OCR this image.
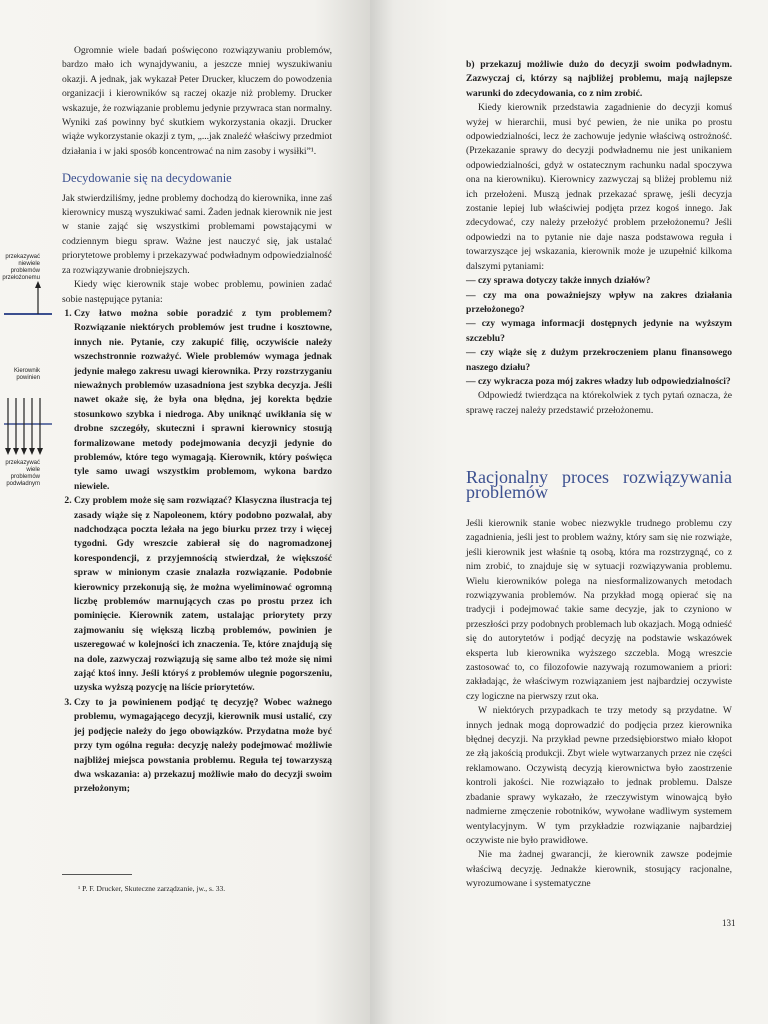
Ogromnie wiele badań poświęcono rozwiązywaniu problemów, bardzo mało ich wynajdywaniu, a jeszcze mniej wyszukiwaniu okazji. A jednak, jak wykazał Peter Drucker, kluczem do powodzenia organizacji i kierowników są raczej okazje niż problemy. Drucker wskazuje, że rozwiązanie problemu jedynie przywraca stan normalny. Wyniki zaś powinny być skutkiem wykorzystania okazji. Drucker wiąże wykorzystanie okazji z tym, „...jak znaleźć właściwy przedmiot działania i w jaki sposób koncentrować na nim zasoby i wysiłki”¹.

Decydowanie się na decydowanie

Jak stwierdziliśmy, jedne problemy dochodzą do kierownika, inne zaś kierownicy muszą wyszukiwać sami. Żaden jednak kierownik nie jest w stanie zająć się wszystkimi problemami powstającymi w codziennym biegu spraw. Ważne jest nauczyć się, jak ustalać priorytetowe problemy i przekazywać podwładnym odpowiedzialność za rozwiązywanie drobniejszych.

Kiedy więc kierownik staje wobec problemu, powinien zadać sobie następujące pytania:

1. Czy łatwo można sobie poradzić z tym problemem? Rozwiązanie niektórych problemów jest trudne i kosztowne, innych nie. Pytanie, czy zakupić filię, oczywiście należy wszechstronnie rozważyć. Wiele problemów wymaga jednak jedynie małego zakresu uwagi kierownika. Przy rozstrzyganiu nieważnych problemów uzasadniona jest szybka decyzja. Jeśli nawet okaże się, że była ona błędna, jej korekta będzie stosunkowo szybka i niedroga. Aby uniknąć uwikłania się w drobne szczegóły, skuteczni i sprawni kierownicy stosują formalizowane metody podejmowania decyzji jedynie do problemów, które tego wymagają. Kierownik, który poświęca tyle samo uwagi wszystkim problemom, wykona bardzo niewiele.
2. Czy problem może się sam rozwiązać? Klasyczna ilustracja tej zasady wiąże się z Napoleonem, który podobno pozwalał, aby nadchodząca poczta leżała na jego biurku przez trzy i więcej tygodni. Gdy wreszcie zabierał się do nagromadzonej korespondencji, z przyjemnością stwierdzał, że większość spraw w minionym czasie znalazła rozwiązanie. Podobnie kierownicy przekonują się, że można wyeliminować ogromną liczbę problemów marnujących czas po prostu przez ich pominięcie. Kierownik zatem, ustalając priorytety przy zajmowaniu się większą liczbą problemów, powinien je uszeregować w kolejności ich znaczenia. Te, które znajdują się na dole, zazwyczaj rozwiązują się same albo też może się nimi zająć ktoś inny. Jeśli któryś z problemów ulegnie pogorszeniu, uzyska wyższą pozycję na liście priorytetów.
3. Czy to ja powinienem podjąć tę decyzję? Wobec ważnego problemu, wymagającego decyzji, kierownik musi ustalić, czy jej podjęcie należy do jego obowiązków. Przydatna może być przy tym ogólna reguła: decyzję należy podejmować możliwie najbliżej miejsca powstania problemu. Reguła tej towarzyszą dwa wskazania: a) przekazuj możliwie mało do decyzji swoim przełożonym;
przekazywać niewiele problemów przełożonemu
Kierownik powinien
przekazywać wiele problemów podwładnym
¹ P. F. Drucker, Skuteczne zarządzanie, jw., s. 33.

b) przekazuj możliwie dużo do decyzji swoim podwładnym. Zazwyczaj ci, którzy są najbliżej problemu, mają najlepsze warunki do zdecydowania, co z nim zrobić.

Kiedy kierownik przedstawia zagadnienie do decyzji komuś wyżej w hierarchii, musi być pewien, że nie unika po prostu odpowiedzialności, lecz że zachowuje jedynie właściwą ostrożność. (Przekazanie sprawy do decyzji podwładnemu nie jest unikaniem odpowiedzialności, gdyż w ostatecznym rachunku nadal spoczywa ona na kierowniku). Kierownicy zazwyczaj są bliżej problemu niż ich przełożeni. Muszą jednak przekazać sprawę, jeśli decyzja zostanie lepiej lub właściwiej podjęta przez kogoś innego. Jak zdecydować, czy należy przełożyć problem przełożonemu? Jeśli odpowiedzi na to pytanie nie daje nasza podstawowa reguła i towarzyszące jej wskazania, kierownik może je uzupełnić kilkoma dalszymi pytaniami:

— czy sprawa dotyczy także innych działów?
— czy ma ona poważniejszy wpływ na zakres działania przełożonego?
— czy wymaga informacji dostępnych jedynie na wyższym szczeblu?
— czy wiąże się z dużym przekroczeniem planu finansowego naszego działu?
— czy wykracza poza mój zakres władzy lub odpowiedzialności?

Odpowiedź twierdząca na którekolwiek z tych pytań oznacza, że sprawę raczej należy przedstawić przełożonemu.

Racjonalny proces rozwiązywania problemów

Jeśli kierownik stanie wobec niezwykle trudnego problemu czy zagadnienia, jeśli jest to problem ważny, który sam się nie rozwiąże, jeśli kierownik jest właśnie tą osobą, która ma rozstrzygnąć, co z nim zrobić, to znajduje się w sytuacji rozwiązywania problemu. Wielu kierowników polega na niesformalizowanych metodach rozwiązywania problemów. Na przykład mogą opierać się na tradycji i podejmować takie same decyzje, jak to czyniono w przeszłości przy podobnych problemach lub okazjach. Mogą odnieść się do autorytetów i podjąć decyzję na podstawie wskazówek eksperta lub kierownika wyższego szczebla. Mogą wreszcie zastosować to, co filozofowie nazywają rozumowaniem a priori: zakładając, że właściwym rozwiązaniem jest najbardziej oczywiste czy logiczne na pierwszy rzut oka.

W niektórych przypadkach te trzy metody są przydatne. W innych jednak mogą doprowadzić do podjęcia przez kierownika błędnej decyzji. Na przykład pewne przedsiębiorstwo miało kłopot ze złą jakością produkcji. Zbyt wiele wytwarzanych przez nie części reklamowano. Oczywistą decyzją kierownictwa było zaostrzenie kontroli jakości. Nie rozwiązało to jednak problemu. Dalsze zbadanie sprawy wykazało, że rzeczywistym winowajcą było nadmierne zmęczenie robotników, wywołane wadliwym systemem wentylacyjnym. W tym przykładzie rozwiązanie najbardziej oczywiste nie było prawidłowe.

Nie ma żadnej gwarancji, że kierownik zawsze podejmie właściwą decyzję. Jednakże kierownik, stosujący racjonalne, wyrozumowane i systematyczne

131
